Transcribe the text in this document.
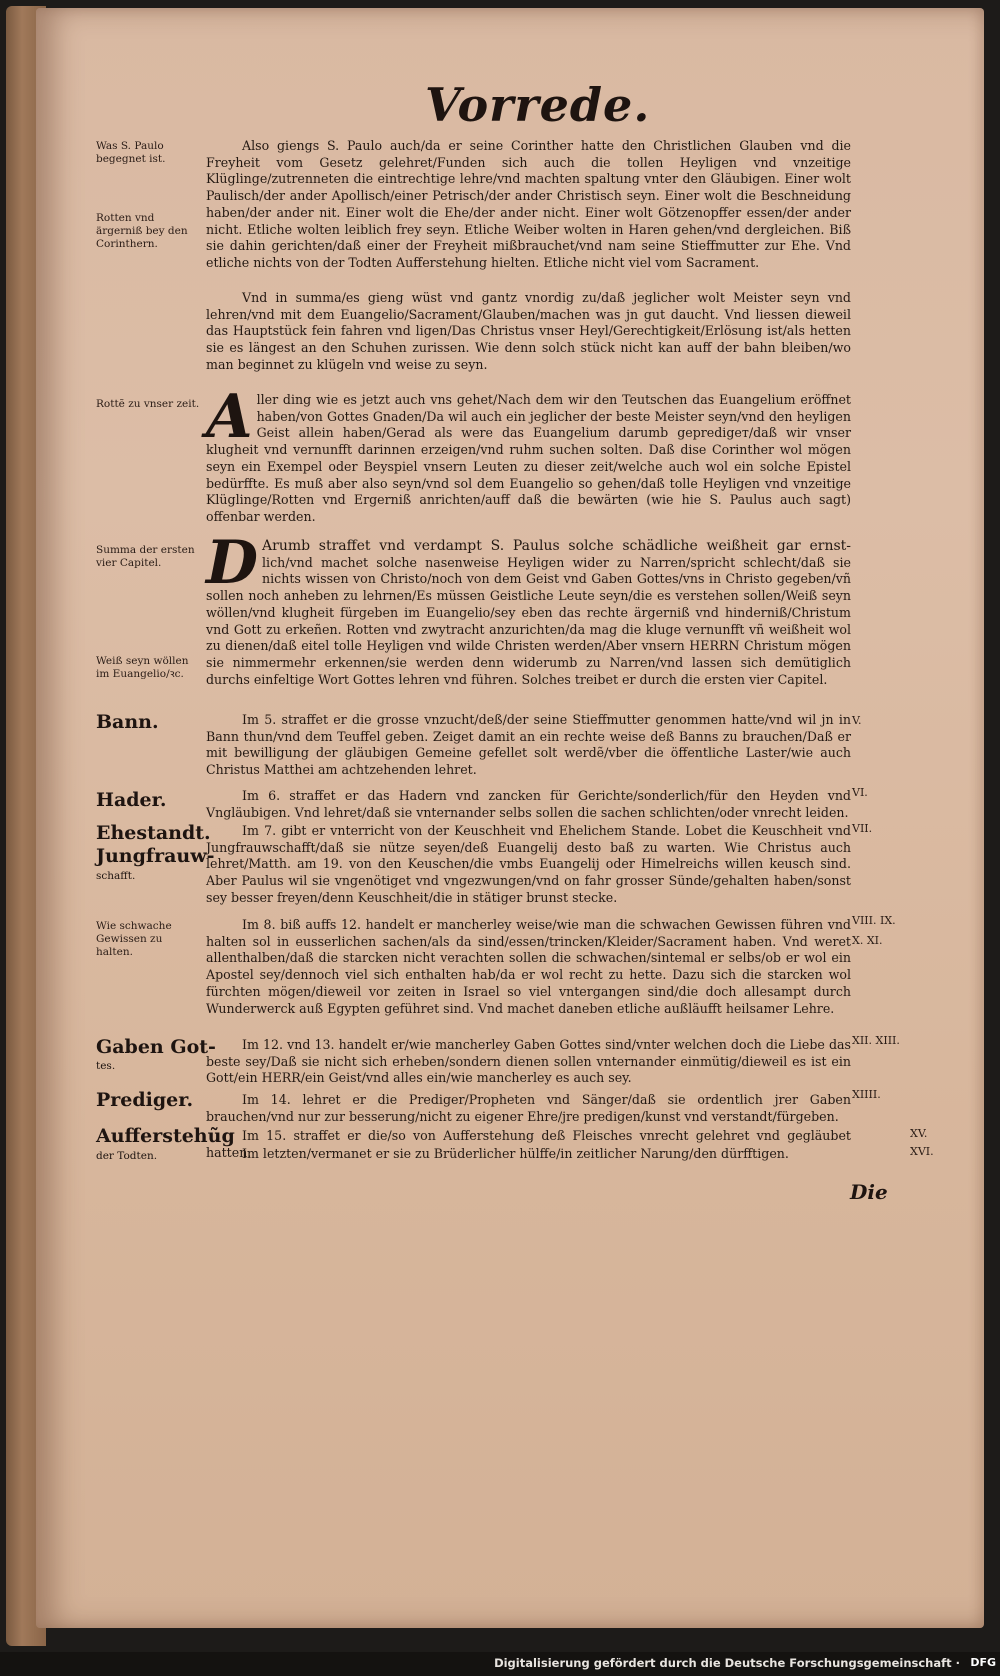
Vorrede.
Was S. Paulo begegnet ist.
Rotten vnd ärgerniß bey den Corinthern.
Rottẽ zu vnser zeit.
Summa der ersten vier Capitel.
Weiß seyn wöllen im Euangelio/ꝛc.
Wie schwache Gewissen zu halten.
Bann.
Hader.
Ehestandt.
Jungfrauw-
schafft.
Gaben Got-
tes.
Prediger.
Aufferstehũg
der Todten.
Also giengs S. Paulo auch/da er seine Corinther hatte den Christlichen Glauben vnd die Freyheit vom Gesetz gelehret/Funden sich auch die tollen Heyligen vnd vnzeitige Klüglinge/zutrenneten die eintrechtige lehre/vnd machten spaltung vnter den Gläubigen. Einer wolt Paulisch/der ander Apollisch/einer Petrisch/der ander Christisch seyn. Einer wolt die Beschneidung haben/der ander nit. Einer wolt die Ehe/der ander nicht. Einer wolt Götzenopffer essen/der ander nicht. Etliche wolten leiblich frey seyn. Etliche Weiber wolten in Haren gehen/vnd dergleichen. Biß sie dahin gerichten/daß einer der Freyheit mißbrauchet/vnd nam seine Stieffmutter zur Ehe. Vnd etliche nichts von der Todten Aufferstehung hielten. Etliche nicht viel vom Sacrament.
Vnd in summa/es gieng wüst vnd gantz vnordig zu/daß jeglicher wolt Meister seyn vnd lehren/vnd mit dem Euangelio/Sacrament/Glauben/machen was jn gut daucht. Vnd liessen dieweil das Hauptstück fein fahren vnd ligen/Das Christus vnser Heyl/Gerechtigkeit/Erlösung ist/als hetten sie es längest an den Schuhen zurissen. Wie denn solch stück nicht kan auff der bahn bleiben/wo man beginnet zu klügeln vnd weise zu seyn.
Aller ding wie es jetzt auch vns gehet/Nach dem wir den Teutschen das Euangelium eröffnet haben/von Gottes Gnaden/Da wil auch ein jeglicher der beste Meister seyn/vnd den heyligen Geist allein haben/Gerad als were das Euangelium darumb gepredigет/daß wir vnser klugheit vnd vernunfft darinnen erzeigen/vnd ruhm suchen solten. Daß dise Corinther wol mögen seyn ein Exempel oder Beyspiel vnsern Leuten zu dieser zeit/welche auch wol ein solche Epistel bedürffte. Es muß aber also seyn/vnd sol dem Euangelio so gehen/daß tolle Heyligen vnd vnzeitige Klüglinge/Rotten vnd Ergerniß anrichten/auff daß die bewärten (wie hie S. Paulus auch sagt) offenbar werden.
D Arumb straffet vnd verdampt S. Paulus solche schädliche weißheit gar ernst- lich/vnd machet solche nasenweise Heyligen wider zu Narren/spricht schlecht/daß sie nichts wissen von Christo/noch von dem Geist vnd Gaben Gottes/vns in Christo gegeben/vñ sollen noch anheben zu lehrnen/Es müssen Geistliche Leute seyn/die es verstehen sollen/Weiß seyn wöllen/vnd klugheit fürgeben im Euangelio/sey eben das rechte ärgerniß vnd hinderniß/Christum vnd Gott zu erkeñen. Rotten vnd zwytracht anzurichten/da mag die kluge vernunfft vñ weißheit wol zu dienen/daß eitel tolle Heyligen vnd wilde Christen werden/Aber vnsern HERRN Christum mögen sie nimmermehr erkennen/sie werden denn widerumb zu Narren/vnd lassen sich demütiglich durchs einfeltige Wort Gottes lehren vnd führen. Solches treibet er durch die ersten vier Capitel.
Im 5. straffet er die grosse vnzucht/deß/der seine Stieffmutter genommen hatte/vnd wil jn in Bann thun/vnd dem Teuffel geben. Zeiget damit an ein rechte weise deß Banns zu brauchen/Daß er mit bewilligung der gläubigen Gemeine gefellet solt werdẽ/vber die öffentliche Laster/wie auch Christus Matthei am achtzehenden lehret.
Im 6. straffet er das Hadern vnd zancken für Gerichte/sonderlich/für den Heyden vnd Vngläubigen. Vnd lehret/daß sie vnternander selbs sollen die sachen schlichten/oder vnrecht leiden.
Im 7. gibt er vnterricht von der Keuschheit vnd Ehelichem Stande. Lobet die Keuschheit vnd Jungfrauwschafft/daß sie nütze seyen/deß Euangelij desto baß zu warten. Wie Christus auch lehret/Matth. am 19. von den Keuschen/die vmbs Euangelij oder Himelreichs willen keusch sind. Aber Paulus wil sie vngenötiget vnd vngezwungen/vnd on fahr grosser Sünde/gehalten haben/sonst sey besser freyen/denn Keuschheit/die in stätiger brunst stecke.
Im 8. biß auffs 12. handelt er mancherley weise/wie man die schwachen Gewissen führen vnd halten sol in eusserlichen sachen/als da sind/essen/trincken/Kleider/Sacrament haben. Vnd weret allenthalben/daß die starcken nicht verachten sollen die schwachen/sintemal er selbs/ob er wol ein Apostel sey/dennoch viel sich enthalten hab/da er wol recht zu hette. Dazu sich die starcken wol fürchten mögen/dieweil vor zeiten in Israel so viel vntergangen sind/die doch allesampt durch Wunderwerck auß Egypten geführet sind. Vnd machet daneben etliche außläufft heilsamer Lehre.
Im 12. vnd 13. handelt er/wie mancherley Gaben Gottes sind/vnter welchen doch die Liebe das beste sey/Daß sie nicht sich erheben/sondern dienen sollen vnternander einmütig/dieweil es ist ein Gott/ein HERR/ein Geist/vnd alles ein/wie mancherley es auch sey.
Im 14. lehret er die Prediger/Propheten vnd Sänger/daß sie ordentlich jrer Gaben brauchen/vnd nur zur besserung/nicht zu eigener Ehre/jre predigen/kunst vnd verstandt/fürgeben.
Im 15. straffet er die/so von Aufferstehung deß Fleisches vnrecht gelehret vnd gegläubet hatten.
Im letzten/vermanet er sie zu Brüderlicher hülffe/in zeitlicher Narung/den dürfftigen.
V.
VI.
VII.
VIII. IX.
X. XI.
XII. XIII.
XIIII.
XV.
XVI.
Die
Digitalisierung gefördert durch die Deutsche Forschungsgemeinschaft · DFG
